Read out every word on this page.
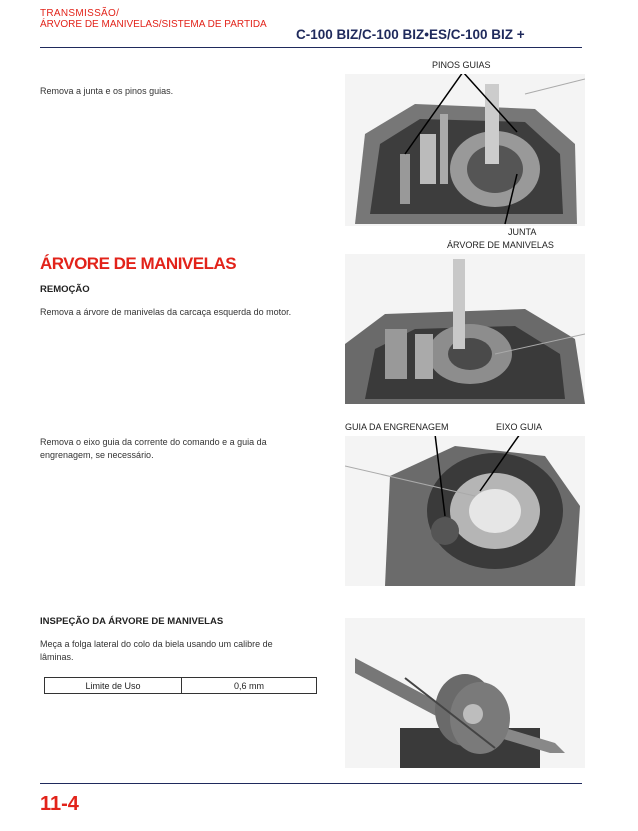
TRANSMISSÃO/
ÁRVORE DE MANIVELAS/SISTEMA DE PARTIDA
C-100 BIZ/C-100 BIZ•ES/C-100 BIZ +
Remova a junta e os pinos guias.
PINOS GUIAS
JUNTA
ÁRVORE DE MANIVELAS
ÁRVORE DE MANIVELAS
REMOÇÃO
Remova a árvore de manivelas da carcaça esquerda do motor.
GUIA DA ENGRENAGEM	EIXO GUIA
Remova o eixo guia da corrente do comando e a guia da engrenagem, se necessário.
INSPEÇÃO DA ÁRVORE DE MANIVELAS
Meça a folga lateral do colo da biela usando um calibre de lâminas.
Limite de Uso	0,6 mm
11-4
